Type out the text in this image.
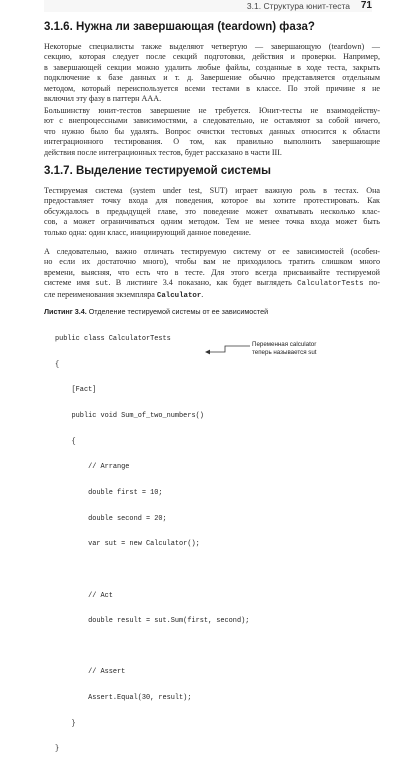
3.1. Структура юнит-теста 71
3.1.6. Нужна ли завершающая (teardown) фаза?

Некоторые специалисты также выделяют четвертую — завершающую (teardown) —
секцию, которая следует после секций подготовки, действия и проверки. Например,
в завершающей секции можно удалить любые файлы, созданные в ходе теста, закрыть
подключение к базе данных и т. д. Завершение обычно представляется отдельным
методом, который переиспользуется всеми тестами в классе. По этой причине я не
включил эту фазу в паттерн AAA.

Большинству юнит-тестов завершение не требуется. Юнит-тесты не взаимодейству-
ют с внепроцессными зависимостями, а следовательно, не оставляют за собой ничего,
что нужно было бы удалять. Вопрос очистки тестовых данных относится к области
интеграционного тестирования. О том, как правильно выполнить завершающие
действия после интеграционных тестов, будет рассказано в части III.

3.1.7. Выделение тестируемой системы

Тестируемая система (system under test, SUT) играет важную роль в тестах. Она
предоставляет точку входа для поведения, которое вы хотите протестировать. Как
обсуждалось в предыдущей главе, это поведение может охватывать несколько клас-
сов, а может ограничиваться одним методом. Тем не менее точка входа может быть
только одна: один класс, инициирующий данное поведение.

А следовательно, важно отличать тестируемую систему от ее зависимостей (особен-
но если их достаточно много), чтобы вам не приходилось тратить слишком много
времени, выясняя, что есть что в тесте. Для этого всегда присваивайте тестируемой
системе имя sut. В листинге 3.4 показано, как будет выглядеть CalculatorTests по-
сле переименования экземпляра Calculator.

Листинг 3.4. Отделение тестируемой системы от ее зависимостей

public class CalculatorTests

{

[Fact]

public void Sum_of_two_numbers()

{

// Arrange

double first = 10;

double second = 20;

var sut = new Calculator();

// Act

double result = sut.Sum(first, second);

// Assert

Assert.Equal(30, result);

}

}

Переменная calculator
теперь называется sut
